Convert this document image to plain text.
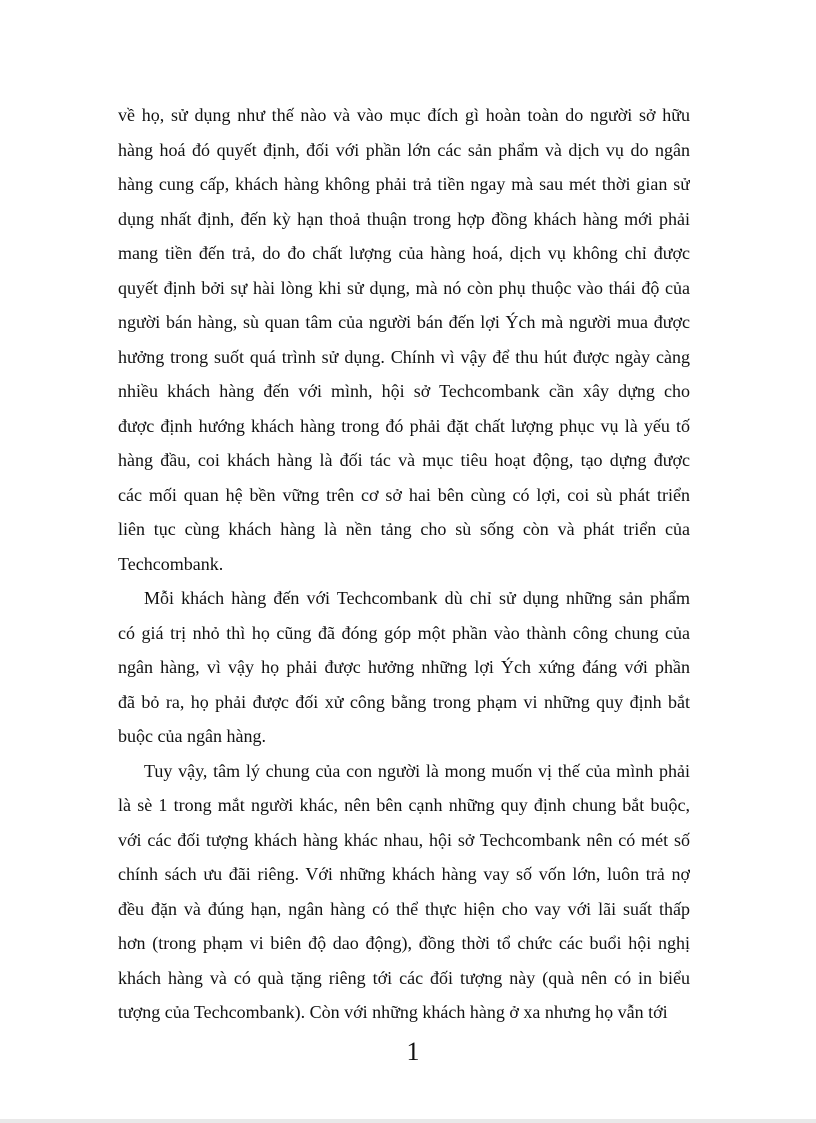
về họ, sử dụng như thế nào và vào mục đích gì hoàn toàn do người sở hữu
hàng hoá đó quyết định, đối với phần lớn các sản phẩm và dịch vụ do ngân
hàng cung cấp, khách hàng không phải trả tiền ngay mà sau mét thời gian sử
dụng nhất định, đến kỳ hạn thoả thuận trong hợp đồng khách hàng mới phải
mang tiền đến trả, do đo chất lượng của hàng hoá, dịch vụ không chỉ được
quyết định bởi sự hài lòng khi sử dụng, mà nó còn phụ thuộc vào thái độ của
người bán hàng, sù quan tâm của người bán đến lợi Ých mà người mua được
hưởng trong suốt quá trình sử dụng. Chính vì vậy để thu hút được ngày càng
nhiều khách hàng đến với mình, hội sở Techcombank cần xây dựng cho
được định hướng khách hàng trong đó phải đặt chất lượng phục vụ là yếu tố
hàng đầu, coi khách hàng là đối tác và mục tiêu hoạt động, tạo dựng được
các mối quan hệ bền vững trên cơ sở hai bên cùng có lợi, coi sù phát triển
liên tục cùng khách hàng là nền tảng cho sù sống còn và phát triển của
Techcombank.
Mỗi khách hàng đến với Techcombank dù chỉ sử dụng những sản phẩm
có giá trị nhỏ thì họ cũng đã đóng góp một phần vào thành công chung của
ngân hàng, vì vậy họ phải được hưởng những lợi Ých xứng đáng với phần
đã bỏ ra, họ phải được đối xử công bằng trong phạm vi những quy định bắt
buộc của ngân hàng.
Tuy vậy, tâm lý chung của con người là mong muốn vị thế của mình phải
là sè 1 trong mắt người khác, nên bên cạnh những quy định chung bắt buộc,
với các đối tượng khách hàng khác nhau, hội sở Techcombank nên có mét số
chính sách ưu đãi riêng. Với những khách hàng vay số vốn lớn, luôn trả nợ
đều đặn và đúng hạn, ngân hàng có thể thực hiện cho vay với lãi suất thấp
hơn (trong phạm vi biên độ dao động), đồng thời tổ chức các buổi hội nghị
khách hàng và có quà tặng riêng tới các đối tượng này (quà nên có in biểu
tượng của Techcombank). Còn với những khách hàng ở xa nhưng họ vẫn tới
1
